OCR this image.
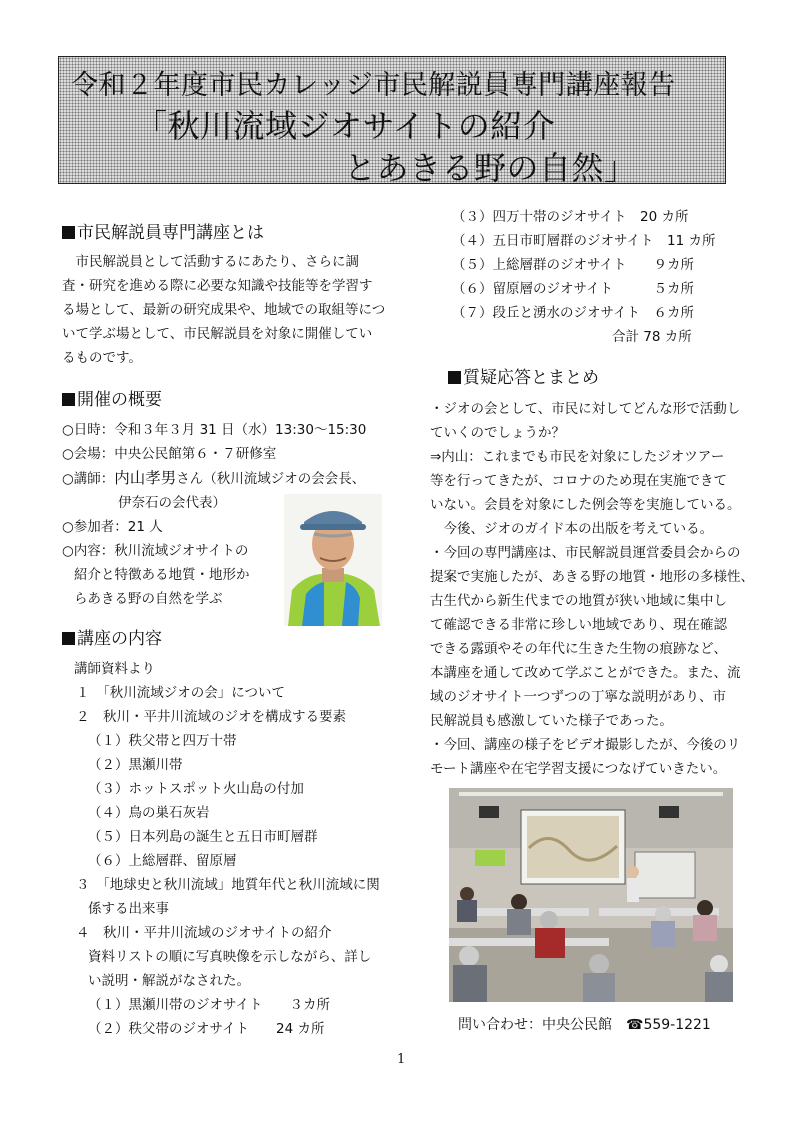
令和２年度市民カレッジ市民解説員専門講座報告
「秋川流域ジオサイトの紹介
とあきる野の自然」
市民解説員専門講座とは
　市民解説員として活動するにあたり、さらに調
査・研究を進める際に必要な知識や技能等を学習す
る場として、最新の研究成果や、地域での取組等につ
いて学ぶ場として、市民解説員を対象に開催してい
るものです。
開催の概要
○日時：令和３年３月 31 日（水）13:30～15:30
○会場：中央公民館第６・７研修室
○講師：内山孝男さん（秋川流域ジオの会会長、
伊奈石の会代表）
○参加者：21 人
○内容：秋川流域ジオサイトの
紹介と特徴ある地質・地形か
らあきる野の自然を学ぶ
講座の内容
講師資料より
１　「秋川流域ジオの会」について
２　秋川・平井川流域のジオを構成する要素
（１）秩父帯と四万十帯
（２）黒瀬川帯
（３）ホットスポット火山島の付加
（４）鳥の巣石灰岩
（５）日本列島の誕生と五日市町層群
（６）上総層群、留原層
３　「地球史と秋川流域」地質年代と秋川流域に関
係する出来事
４　秋川・平井川流域のジオサイトの紹介
資料リストの順に写真映像を示しながら、詳し
い説明・解説がなされた。
（１）黒瀬川帯のジオサイト　　３カ所
（２）秩父帯のジオサイト　　24 カ所
（３）四万十帯のジオサイト　20 カ所
（４）五日市町層群のジオサイト　11 カ所
（５）上総層群のジオサイト　　９カ所
（６）留原層のジオサイト　　　５カ所
（７）段丘と湧水のジオサイト　６カ所
合計 78 カ所
質疑応答とまとめ
・ジオの会として、市民に対してどんな形で活動し
ていくのでしょうか？
⇒内山：これまでも市民を対象にしたジオツアー
等を行ってきたが、コロナのため現在実施できて
いない。会員を対象にした例会等を実施している。
　今後、ジオのガイド本の出版を考えている。
・今回の専門講座は、市民解説員運営委員会からの
提案で実施したが、あきる野の地質・地形の多様性、
古生代から新生代までの地質が狭い地域に集中し
て確認できる非常に珍しい地域であり、現在確認
できる露頭やその年代に生きた生物の痕跡など、
本講座を通して改めて学ぶことができた。また、流
域のジオサイト一つずつの丁寧な説明があり、市
民解説員も感激していた様子であった。
・今回、講座の様子をビデオ撮影したが、今後のリ
モート講座や在宅学習支援につなげていきたい。
問い合わせ：中央公民館　☎559-1221
1
